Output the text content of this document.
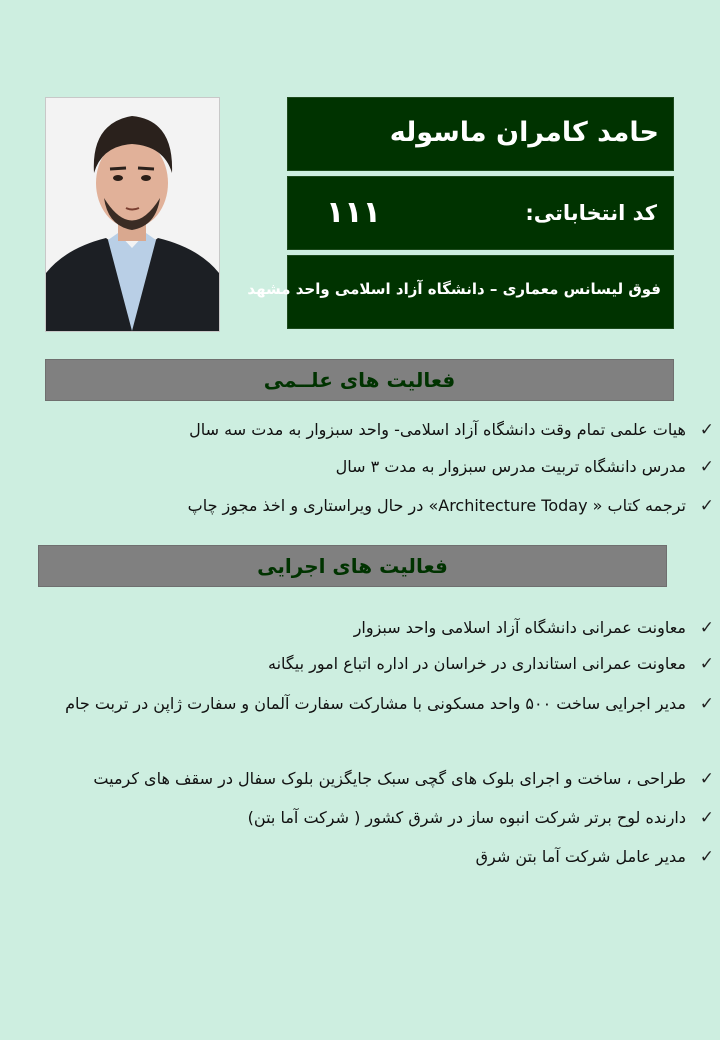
حامد کامران ماسوله
کد انتخاباتی:
۱۱۱
فوق لیسانس معماری – دانشگاه آزاد اسلامی واحد مشهد
فعالیت های علــمی
✓
هیات علمی تمام وقت دانشگاه آزاد اسلامی- واحد سبزوار به مدت سه سال
✓
مدرس دانشگاه تربیت مدرس سبزوار به مدت ۳ سال
✓
ترجمه کتاب « Architecture Today» در حال ویراستاری و اخذ مجوز چاپ
فعالیت های اجرایی
✓
معاونت عمرانی دانشگاه آزاد اسلامی واحد سبزوار
✓
معاونت عمرانی استانداری در خراسان در اداره اتباع امور بیگانه
✓
مدیر اجرایی ساخت ۵۰۰ واحد مسکونی با مشارکت سفارت آلمان و سفارت ژاپن در تربت جام
✓
طراحی ، ساخت و اجرای بلوک های گچی سبک جایگزین بلوک سفال در سقف های کرمیت
✓
دارنده لوح برتر شرکت انبوه ساز در شرق کشور ( شرکت آما بتن)
✓
مدیر عامل شرکت آما بتن شرق
